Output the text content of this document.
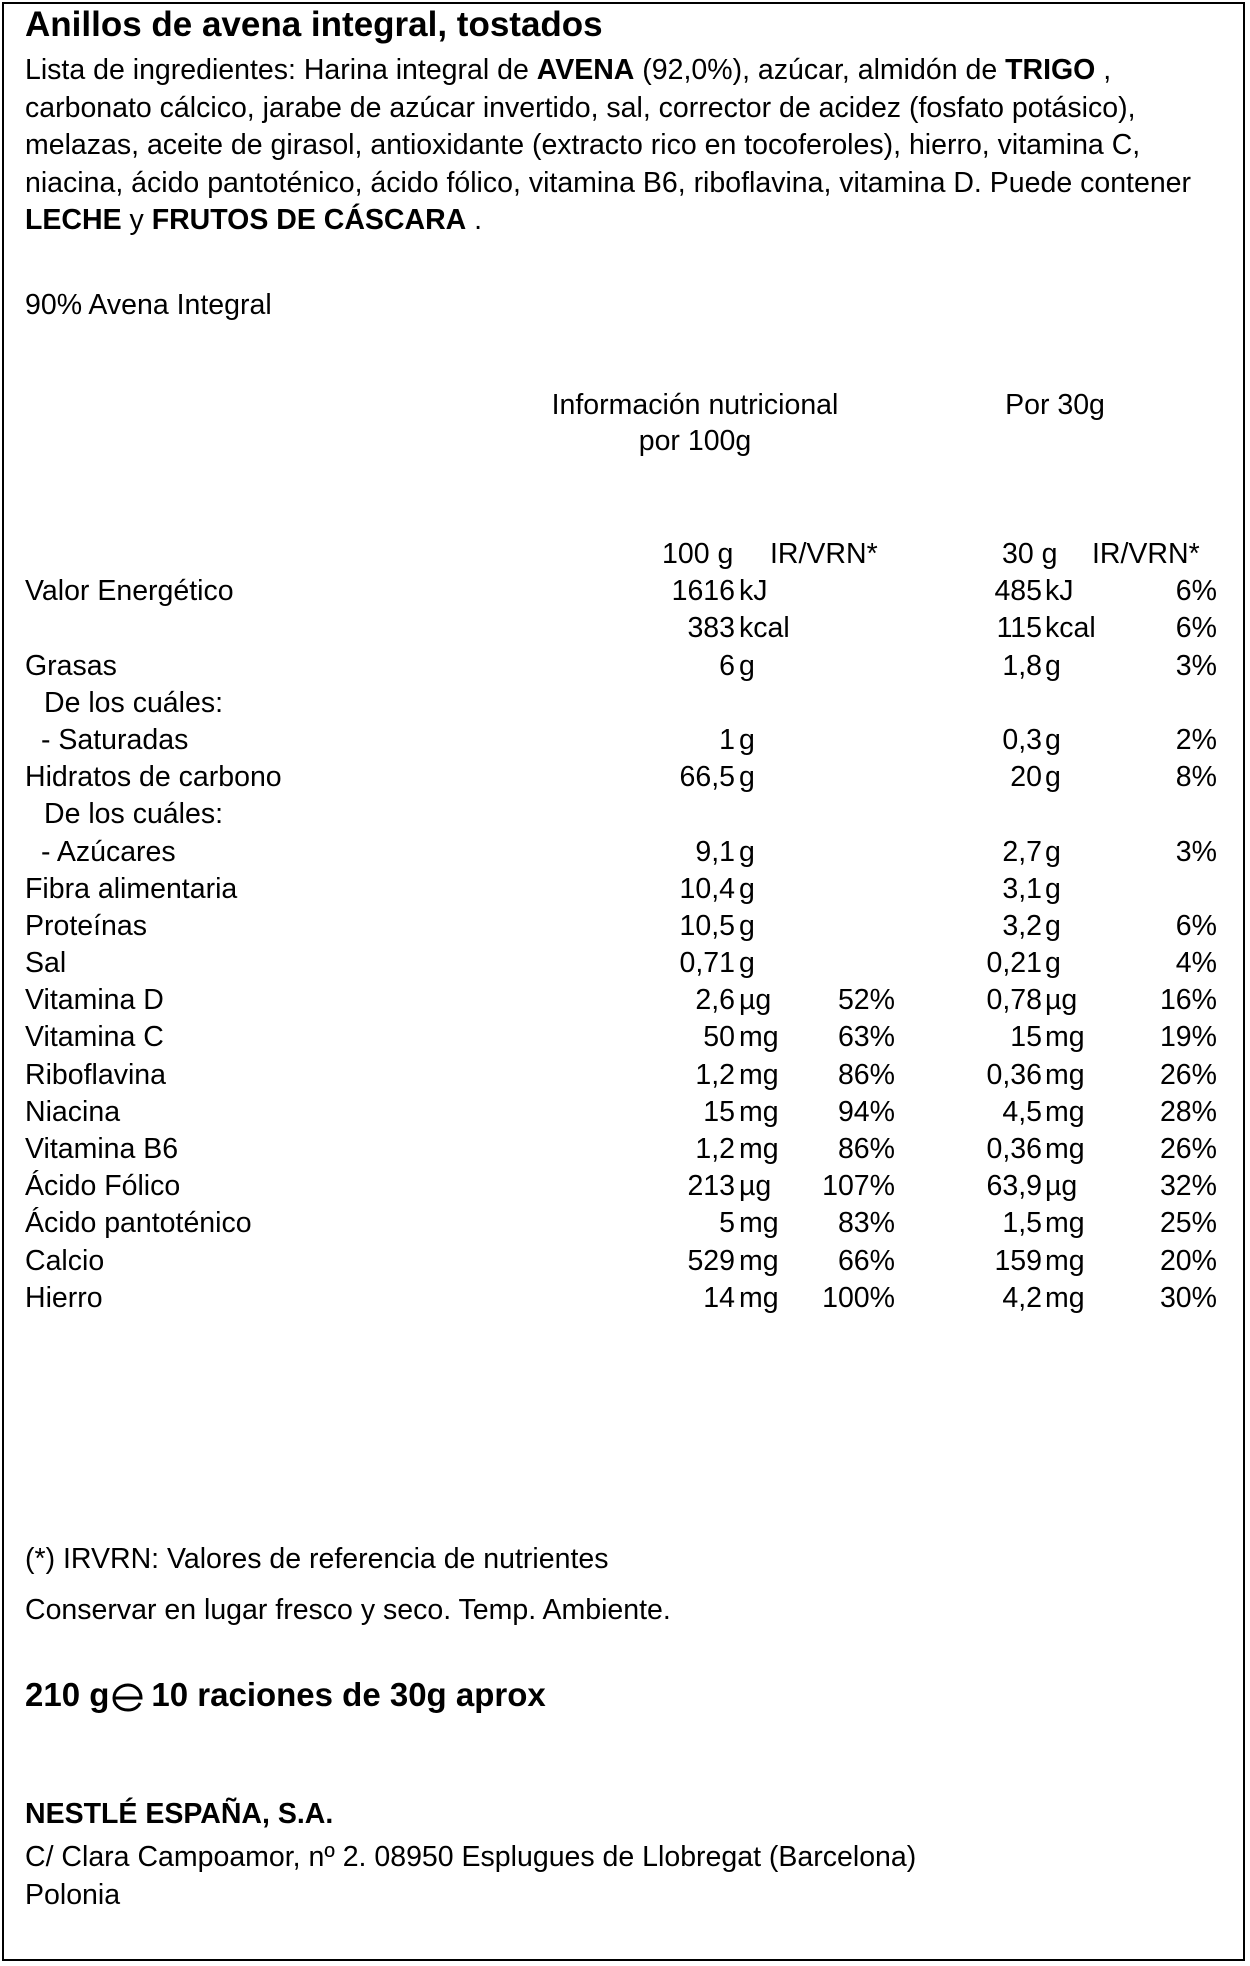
Anillos de avena integral, tostados
Lista de ingredientes: Harina integral de AVENA (92,0%), azúcar, almidón de TRIGO , carbonato cálcico, jarabe de azúcar invertido, sal, corrector de acidez (fosfato potásico), melazas, aceite de girasol, antioxidante (extracto rico en tocoferoles), hierro, vitamina C, niacina, ácido pantoténico, ácido fólico, vitamina B6, riboflavina, vitamina D. Puede contener LECHE y FRUTOS DE CÁSCARA .
90% Avena Integral
Información nutricional
por 100g
Por 30g
100 g IR/VRN*	30 g IR/VRN*
Valor Energético	1616 kJ	485 kJ	6%
383 kcal	115 kcal	6%
Grasas	6 g	1,8 g	3%
De los cuáles:
- Saturadas	1 g	0,3 g	2%
Hidratos de carbono	66,5 g	20 g	8%
De los cuáles:
- Azúcares	9,1 g	2,7 g	3%
Fibra alimentaria	10,4 g	3,1 g
Proteínas	10,5 g	3,2 g	6%
Sal	0,71 g	0,21 g	4%
Vitamina D	2,6 µg 52%	0,78 µg	16%
Vitamina C	50 mg 63%	15 mg	19%
Riboflavina	1,2 mg 86%	0,36 mg	26%
Niacina	15 mg 94%	4,5 mg	28%
Vitamina B6	1,2 mg 86%	0,36 mg	26%
Ácido Fólico	213 µg 107%	63,9 µg	32%
Ácido pantoténico	5 mg 83%	1,5 mg	25%
Calcio	529 mg 66%	159 mg	20%
Hierro	14 mg 100%	4,2 mg	30%
(*) IRVRN: Valores de referencia de nutrientes
Conservar en lugar fresco y seco. Temp. Ambiente.
210 g 10 raciones de 30g aprox
NESTLÉ ESPAÑA, S.A.
C/ Clara Campoamor, nº 2. 08950 Esplugues de Llobregat (Barcelona)
Polonia
